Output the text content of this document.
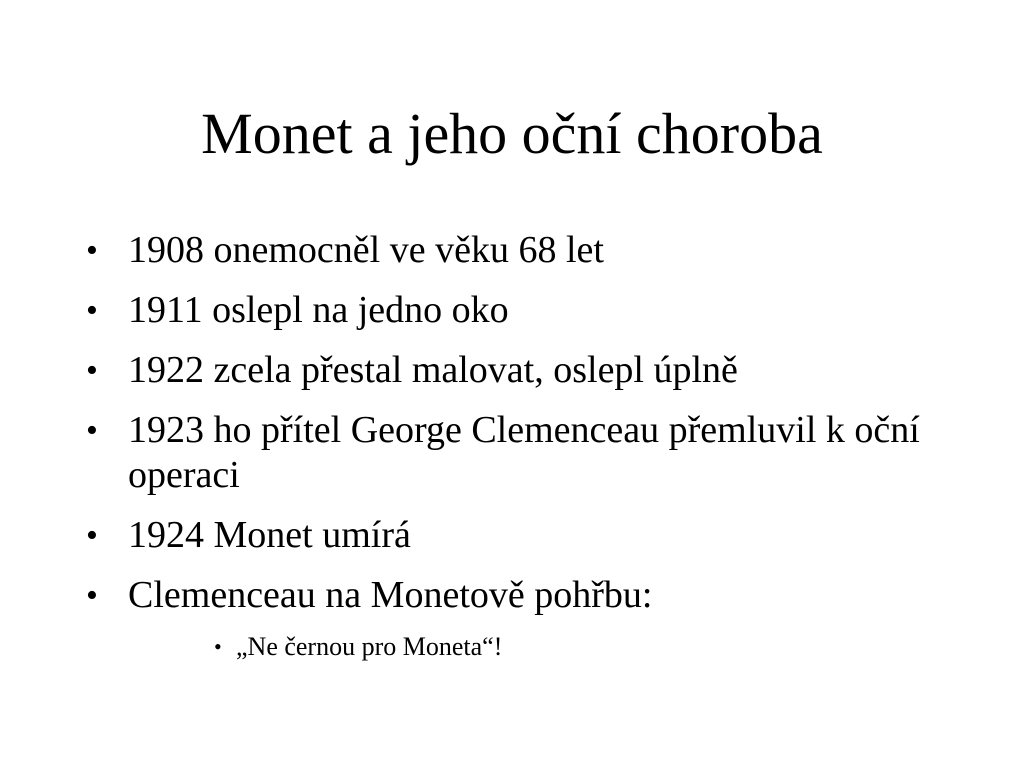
Monet a jeho oční choroba
• 1908 onemocněl ve věku 68 let
• 1911 oslepl na jedno oko
• 1922 zcela přestal malovat, oslepl úplně
• 1923 ho přítel George Clemenceau přemluvil k oční operaci
• 1924 Monet umírá
• Clemenceau na Monetově pohřbu:
• „Ne černou pro Moneta“!
